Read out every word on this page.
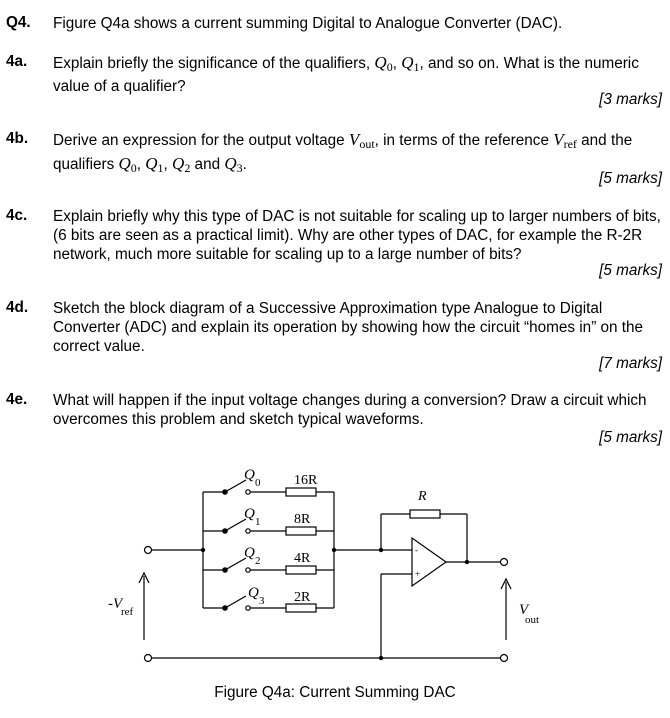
Q4. Figure Q4a shows a current summing Digital to Analogue Converter (DAC).
4a. Explain briefly the significance of the qualifiers, $Q_0$, $Q_1$, and so on. What is the numeric value of a qualifier?
[3 marks]
4b. Derive an expression for the output voltage $V_{out}$, in terms of the reference $V_{ref}$ and the qualifiers $Q_0$, $Q_1$, $Q_2$ and $Q_3$.
[5 marks]
4c. Explain briefly why this type of DAC is not suitable for scaling up to larger numbers of bits, (6 bits are seen as a practical limit). Why are other types of DAC, for example the R-2R network, much more suitable for scaling up to a large number of bits?
[5 marks]
4d. Sketch the block diagram of a Successive Approximation type Analogue to Digital Converter (ADC) and explain its operation by showing how the circuit “homes in” on the correct value.
[7 marks]
4e. What will happen if the input voltage changes during a conversion? Draw a circuit which overcomes this problem and sketch typical waveforms.
[5 marks]
-
+
Q 0
Q 1
Q 2
Q 3
16R
8R
4R
2R
R
-V
ref	V
out
Figure Q4a: Current Summing DAC
